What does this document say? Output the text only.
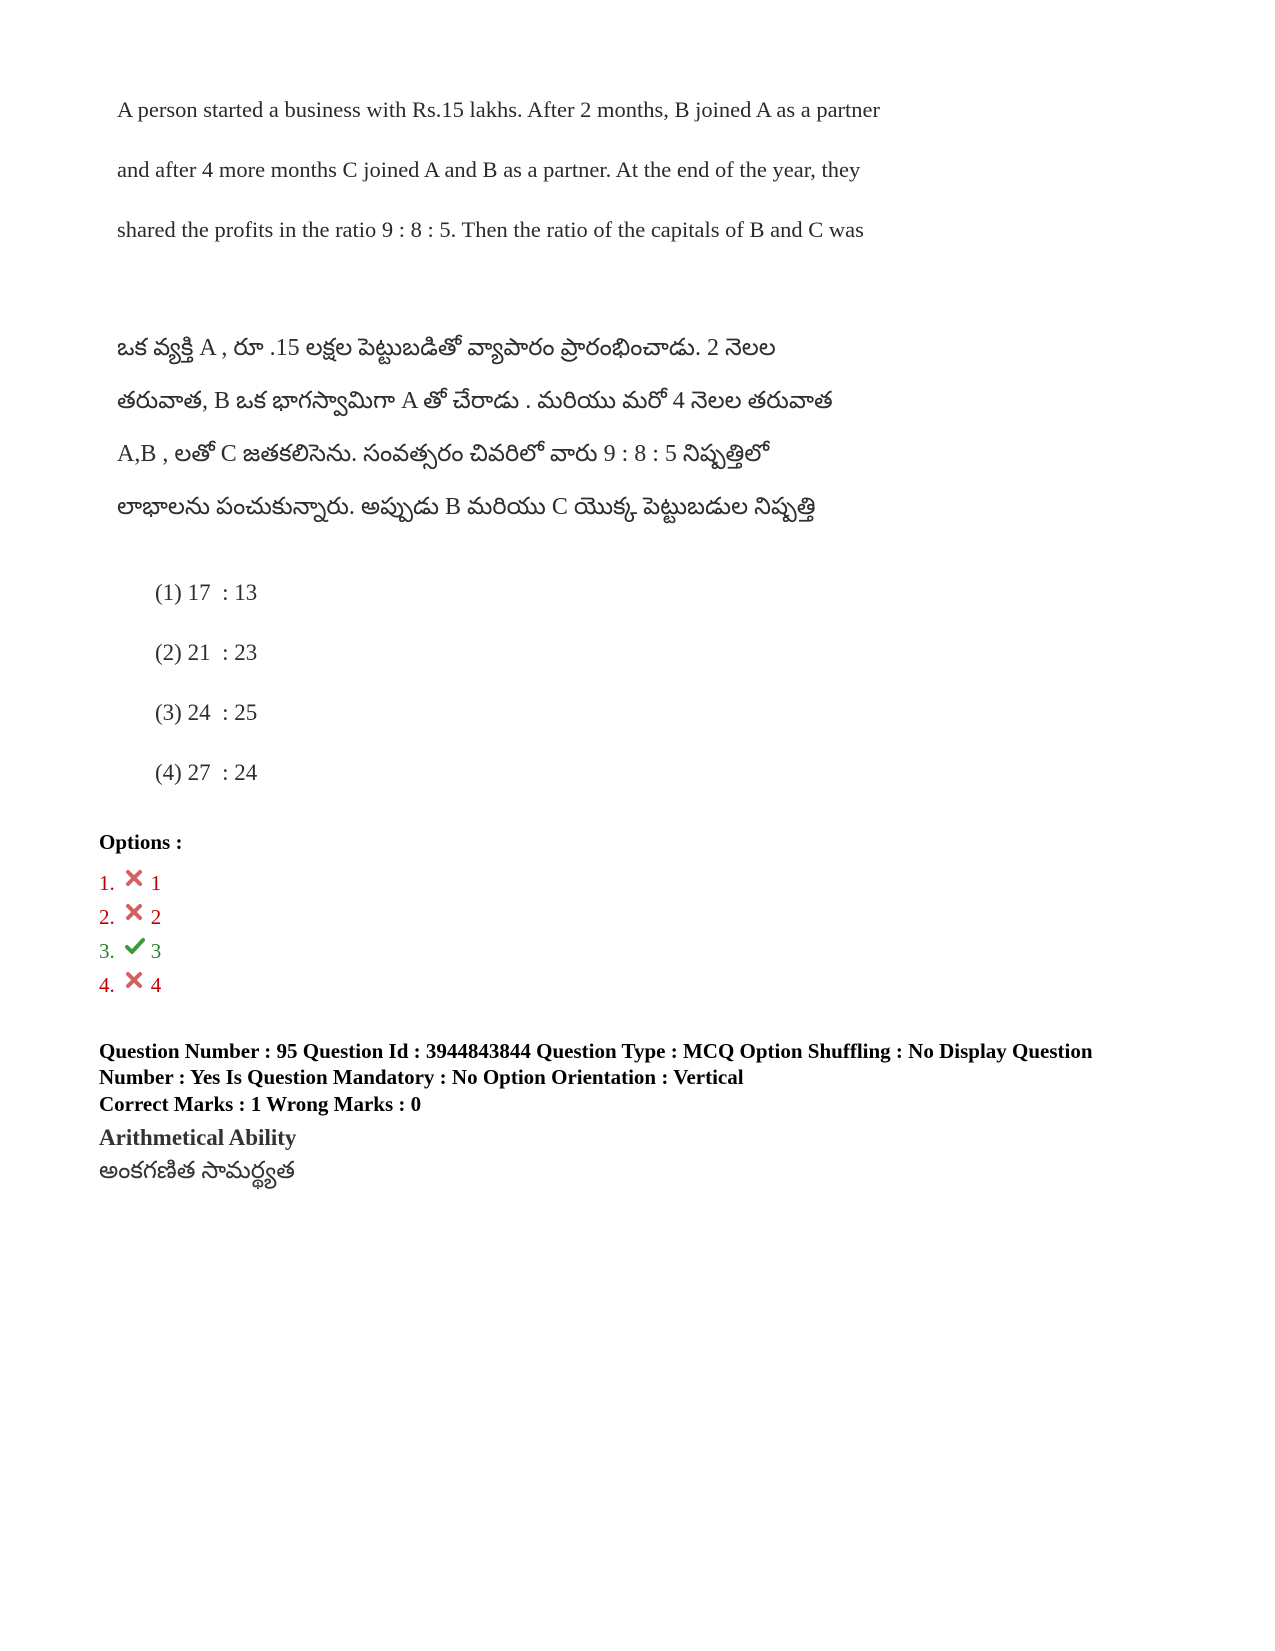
A person started a business with Rs.15 lakhs. After 2 months, B joined A as a partner
and after 4 more months C joined A and B as a partner. At the end of the year, they
shared the profits in the ratio 9 : 8 : 5. Then the ratio of the capitals of B and C was
ఒక వ్యక్తి A , రూ .15 లక్షల పెట్టుబడితో వ్యాపారం ప్రారంభించాడు. 2 నెలల
తరువాత, B ఒక భాగస్వామిగా A తో చేరాడు . మరియు మరో 4 నెలల తరువాత
A,B , లతో C జతకలిసెను. సంవత్సరం చివరిలో వారు 9 : 8 : 5 నిష్పత్తిలో
లాభాలను పంచుకున్నారు. అప్పుడు B మరియు C యొక్క పెట్టుబడుల నిష్పత్తి
(1) 17  : 13
(2) 21  : 23
(3) 24  : 25
(4) 27  : 24
Options :
1. 1
2. 2
3. 3
4. 4
Question Number : 95 Question Id : 3944843844 Question Type : MCQ Option Shuffling : No Display Question
Number : Yes Is Question Mandatory : No Option Orientation : Vertical
Correct Marks : 1 Wrong Marks : 0
Arithmetical Ability
అంకగణిత సామర్థ్యత
